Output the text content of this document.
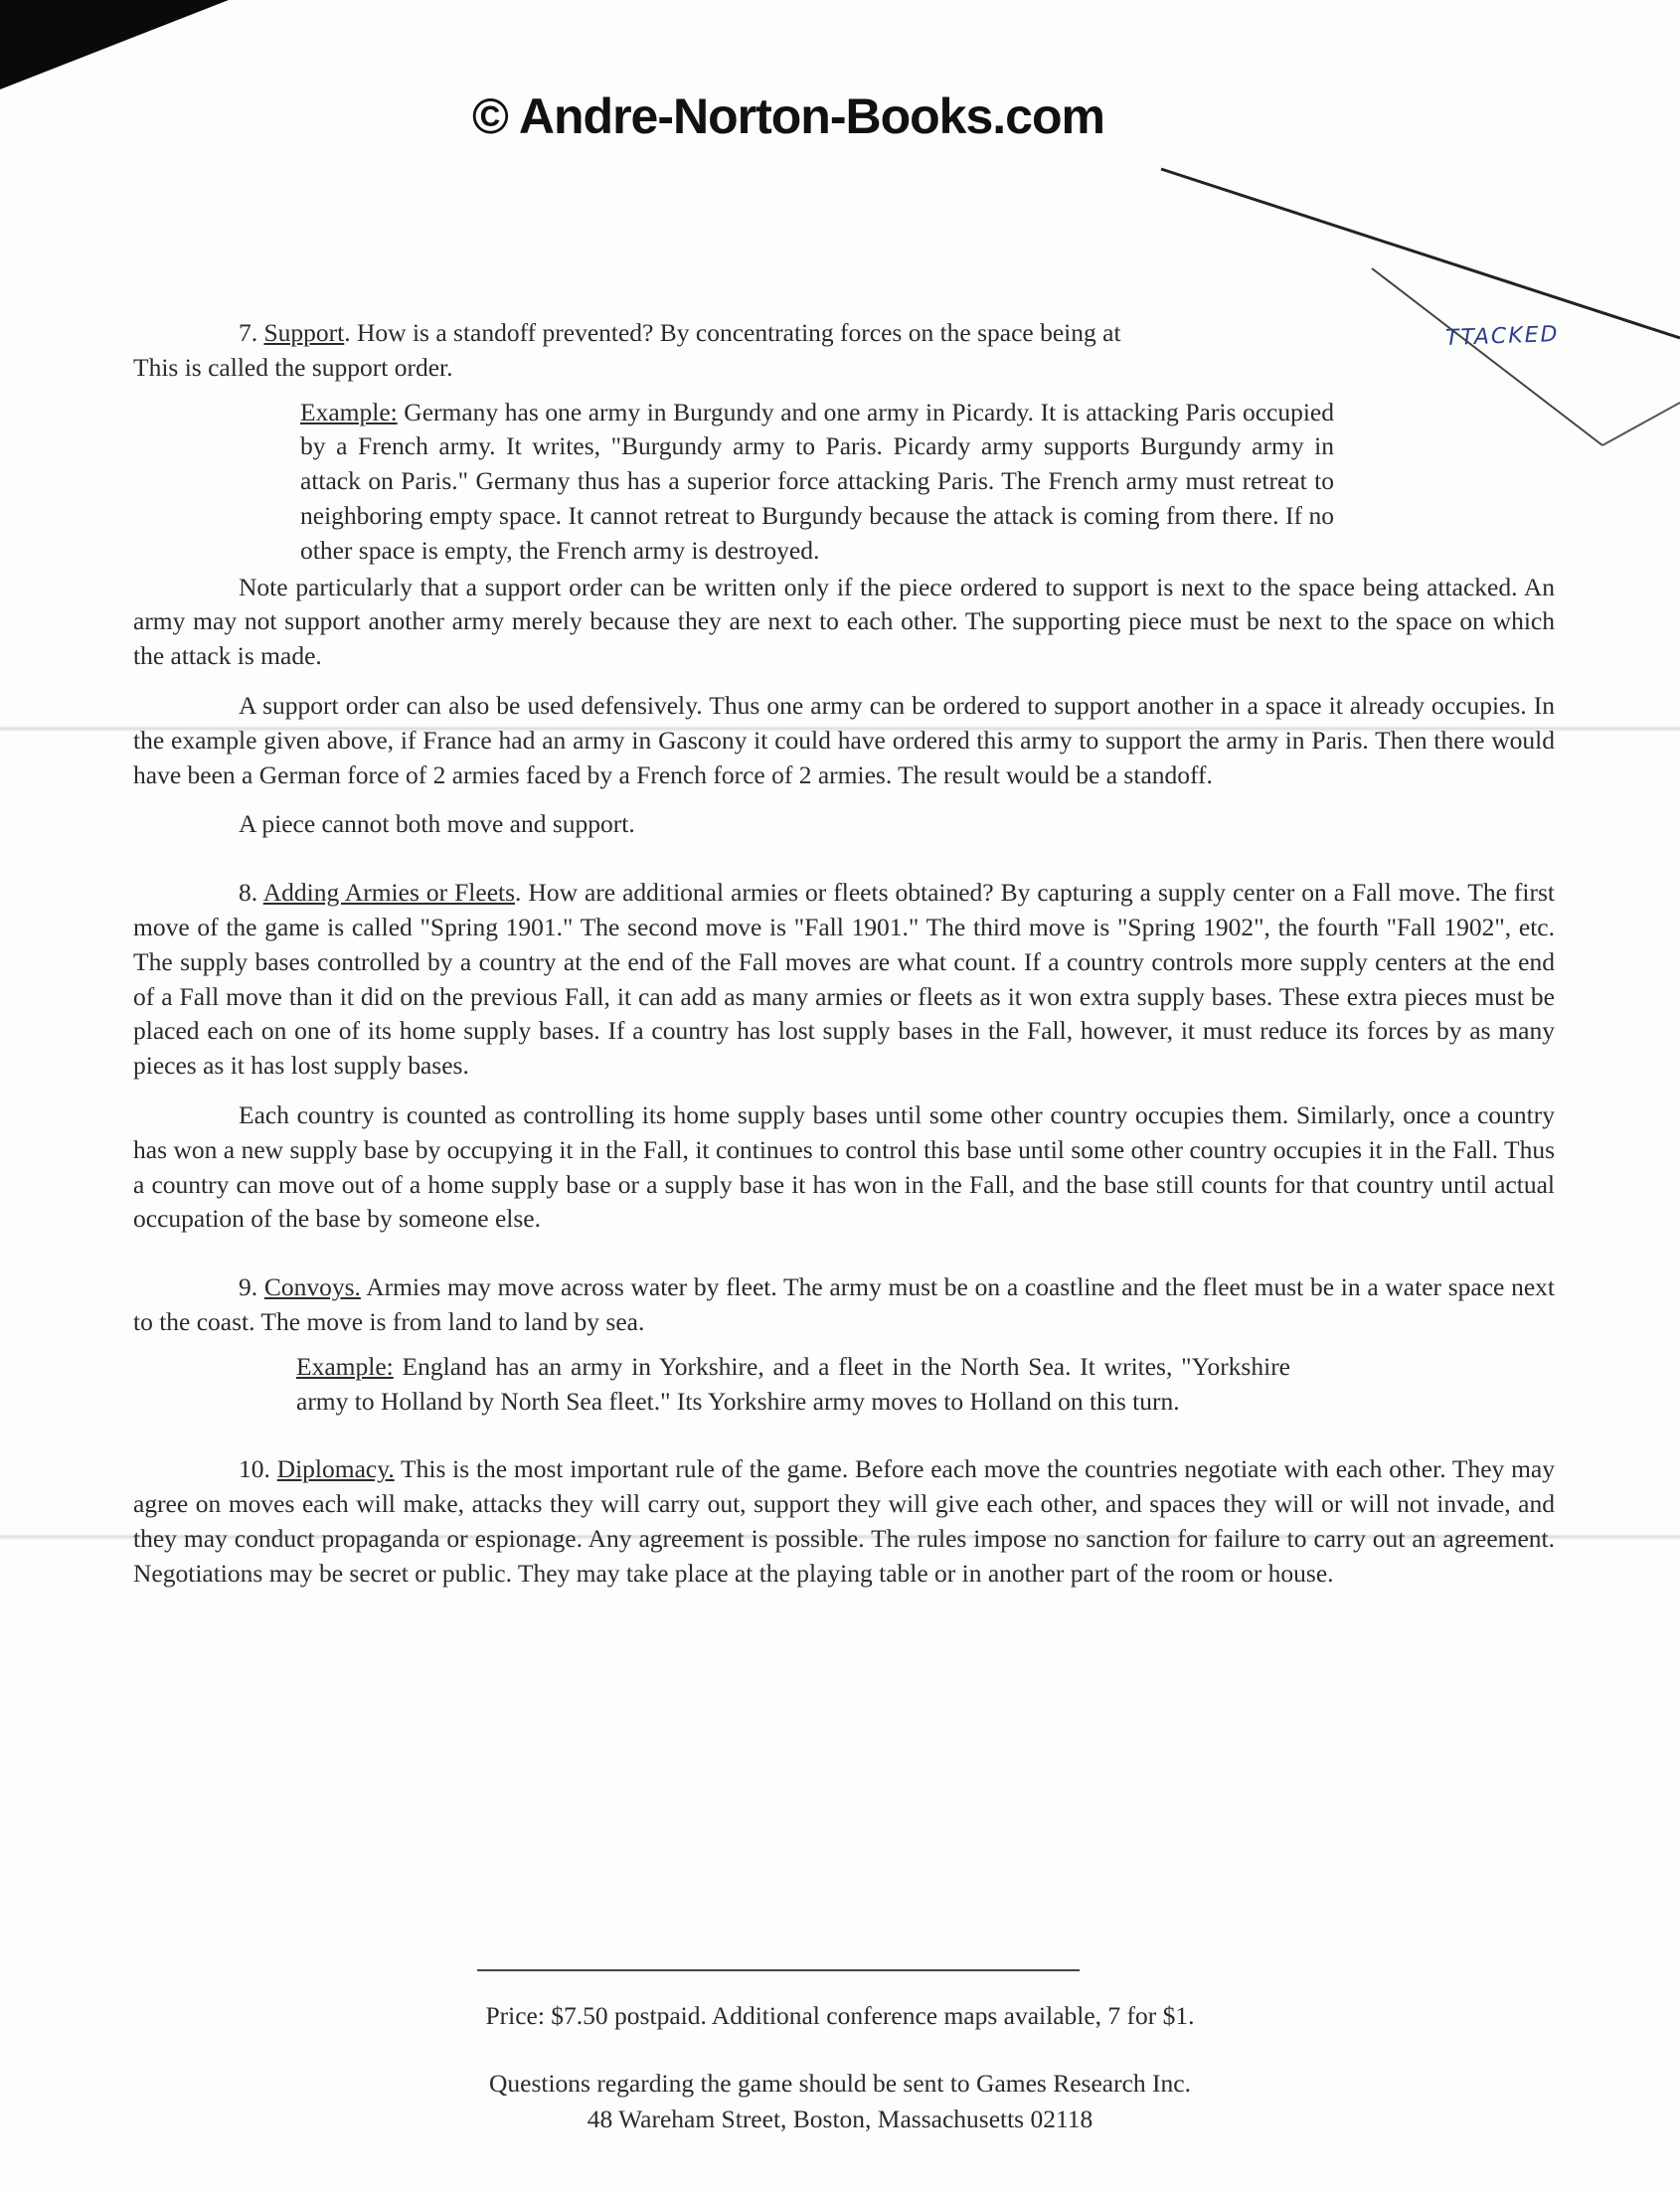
© Andre-Norton-Books.com
TTACKED

7. Support. How is a standoff prevented? By concentrating forces on the space being at

This is called the support order.

Example: Germany has one army in Burgundy and one army in Picardy. It is attacking Paris occupied by a French army. It writes, "Burgundy army to Paris. Picardy army supports Burgundy army in attack on Paris." Germany thus has a superior force attacking Paris. The French army must retreat to neighboring empty space. It cannot retreat to Burgundy because the attack is coming from there. If no other space is empty, the French army is destroyed.

Note particularly that a support order can be written only if the piece ordered to support is next to the space being attacked. An army may not support another army merely because they are next to each other. The supporting piece must be next to the space on which the attack is made.

A support order can also be used defensively. Thus one army can be ordered to support another in a space it already occupies. In the example given above, if France had an army in Gascony it could have ordered this army to support the army in Paris. Then there would have been a German force of 2 armies faced by a French force of 2 armies. The result would be a standoff.

A piece cannot both move and support.

8. Adding Armies or Fleets. How are additional armies or fleets obtained? By capturing a supply center on a Fall move. The first move of the game is called "Spring 1901." The second move is "Fall 1901." The third move is "Spring 1902", the fourth "Fall 1902", etc. The supply bases controlled by a country at the end of the Fall moves are what count. If a country controls more supply centers at the end of a Fall move than it did on the previous Fall, it can add as many armies or fleets as it won extra supply bases. These extra pieces must be placed each on one of its home supply bases. If a country has lost supply bases in the Fall, however, it must reduce its forces by as many pieces as it has lost supply bases.

Each country is counted as controlling its home supply bases until some other country occupies them. Similarly, once a country has won a new supply base by occupying it in the Fall, it continues to control this base until some other country occupies it in the Fall. Thus a country can move out of a home supply base or a supply base it has won in the Fall, and the base still counts for that country until actual occupation of the base by someone else.

9. Convoys. Armies may move across water by fleet. The army must be on a coastline and the fleet must be in a water space next to the coast. The move is from land to land by sea.

Example: England has an army in Yorkshire, and a fleet in the North Sea. It writes, "Yorkshire army to Holland by North Sea fleet." Its Yorkshire army moves to Holland on this turn.

10. Diplomacy. This is the most important rule of the game. Before each move the countries negotiate with each other. They may agree on moves each will make, attacks they will carry out, support they will give each other, and spaces they will or will not invade, and they may conduct propaganda or espionage. Any agreement is possible. The rules impose no sanction for failure to carry out an agreement. Negotiations may be secret or public. They may take place at the playing table or in another part of the room or house.

Price: $7.50 postpaid. Additional conference maps available, 7 for $1.
Questions regarding the game should be sent to Games Research Inc.
48 Wareham Street, Boston, Massachusetts 02118
